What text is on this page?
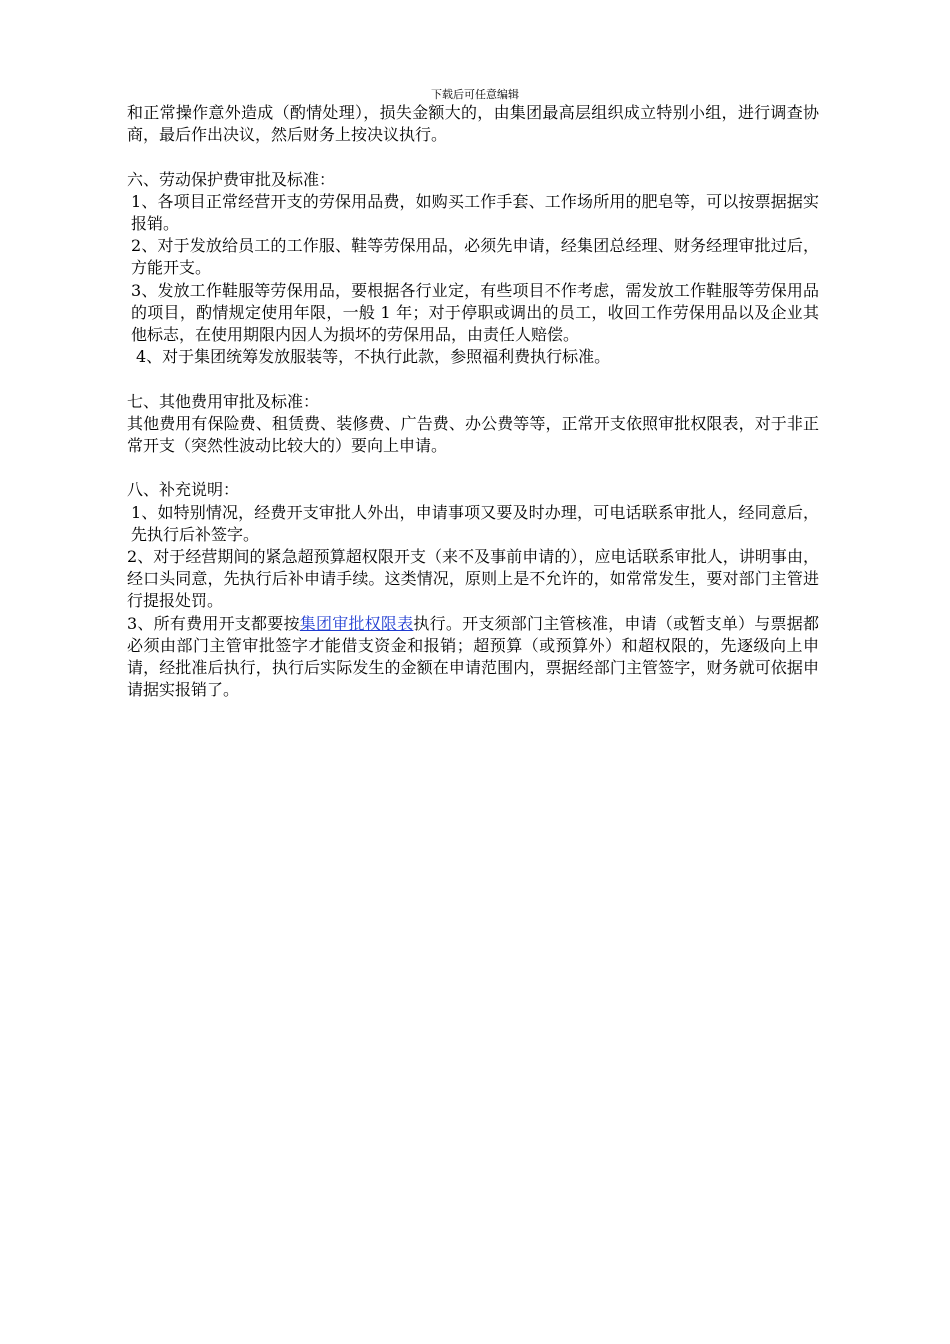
下载后可任意编辑

和正常操作意外造成（酌情处理），损失金额大的，由集团最高层组织成立特别小组，进行调查协商，最后作出决议，然后财务上按决议执行。

六、劳动保护费审批及标准：

1、各项目正常经营开支的劳保用品费，如购买工作手套、工作场所用的肥皂等，可以按票据据实报销。

2、对于发放给员工的工作服、鞋等劳保用品，必须先申请，经集团总经理、财务经理审批过后，方能开支。

3、发放工作鞋服等劳保用品，要根据各行业定，有些项目不作考虑，需发放工作鞋服等劳保用品的项目，酌情规定使用年限，一般 1 年；对于停职或调出的员工，收回工作劳保用品以及企业其他标志，在使用期限内因人为损坏的劳保用品，由责任人赔偿。

4、对于集团统筹发放服装等，不执行此款，参照福利费执行标准。

七、其他费用审批及标准：

其他费用有保险费、租赁费、装修费、广告费、办公费等等，正常开支依照审批权限表，对于非正常开支（突然性波动比较大的）要向上申请。

八、补充说明：

1、如特别情况，经费开支审批人外出，申请事项又要及时办理，可电话联系审批人，经同意后，先执行后补签字。

2、对于经营期间的紧急超预算超权限开支（来不及事前申请的），应电话联系审批人，讲明事由，经口头同意，先执行后补申请手续。这类情况，原则上是不允许的，如常常发生，要对部门主管进行提报处罚。

3、所有费用开支都要按集团审批权限表执行。开支须部门主管核准，申请（或暂支单）与票据都必须由部门主管审批签字才能借支资金和报销；超预算（或预算外）和超权限的，先逐级向上申请，经批准后执行，执行后实际发生的金额在申请范围内，票据经部门主管签字，财务就可依据申请据实报销了。
